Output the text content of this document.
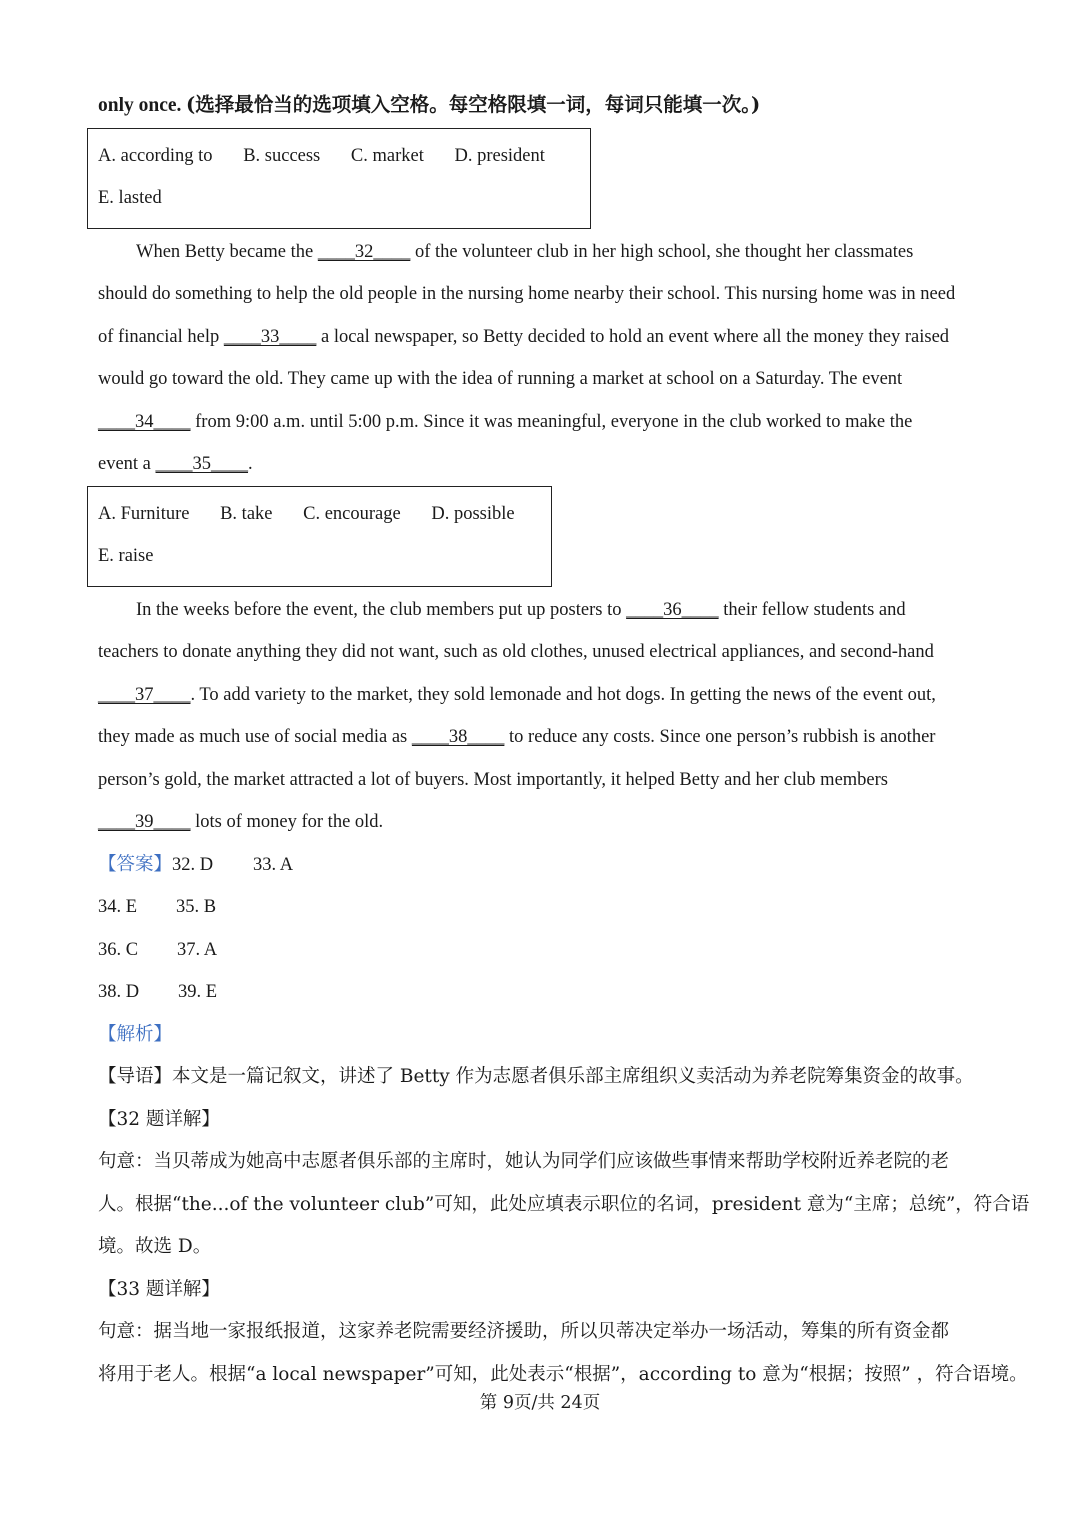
only once. (选择最恰当的选项填入空格。每空格限填一词，每词只能填一次。)
A. according to B. success C. market D. president
E. lasted
When Betty became the ____32____ of the volunteer club in her high school, she thought her classmates
should do something to help the old people in the nursing home nearby their school. This nursing home was in need
of financial help ____33____ a local newspaper, so Betty decided to hold an event where all the money they raised
would go toward the old. They came up with the idea of running a market at school on a Saturday. The event
____34____ from 9:00 a.m. until 5:00 p.m. Since it was meaningful, everyone in the club worked to make the
event a ____35____.
A. Furniture B. take C. encourage D. possible
E. raise
In the weeks before the event, the club members put up posters to ____36____ their fellow students and
teachers to donate anything they did not want, such as old clothes, unused electrical appliances, and second-hand
____37____. To add variety to the market, they sold lemonade and hot dogs. In getting the news of the event out,
they made as much use of social media as ____38____ to reduce any costs. Since one person’s rubbish is another
person’s gold, the market attracted a lot of buyers. Most importantly, it helped Betty and her club members
____39____ lots of money for the old.
【答案】32. D 33. A
34. E 35. B
36. C 37. A
38. D 39. E
【解析】
【导语】本文是一篇记叙文，讲述了 Betty 作为志愿者俱乐部主席组织义卖活动为养老院筹集资金的故事。
【32 题详解】
句意：当贝蒂成为她高中志愿者俱乐部的主席时，她认为同学们应该做些事情来帮助学校附近养老院的老
人。根据“the...of the volunteer club”可知，此处应填表示职位的名词，president 意为“主席；总统”，符合语
境。故选 D。
【33 题详解】
句意：据当地一家报纸报道，这家养老院需要经济援助，所以贝蒂决定举办一场活动，筹集的所有资金都
将用于老人。根据“a local newspaper”可知，此处表示“根据”，according to 意为“根据；按照” ，符合语境。
第 9页/共 24页
